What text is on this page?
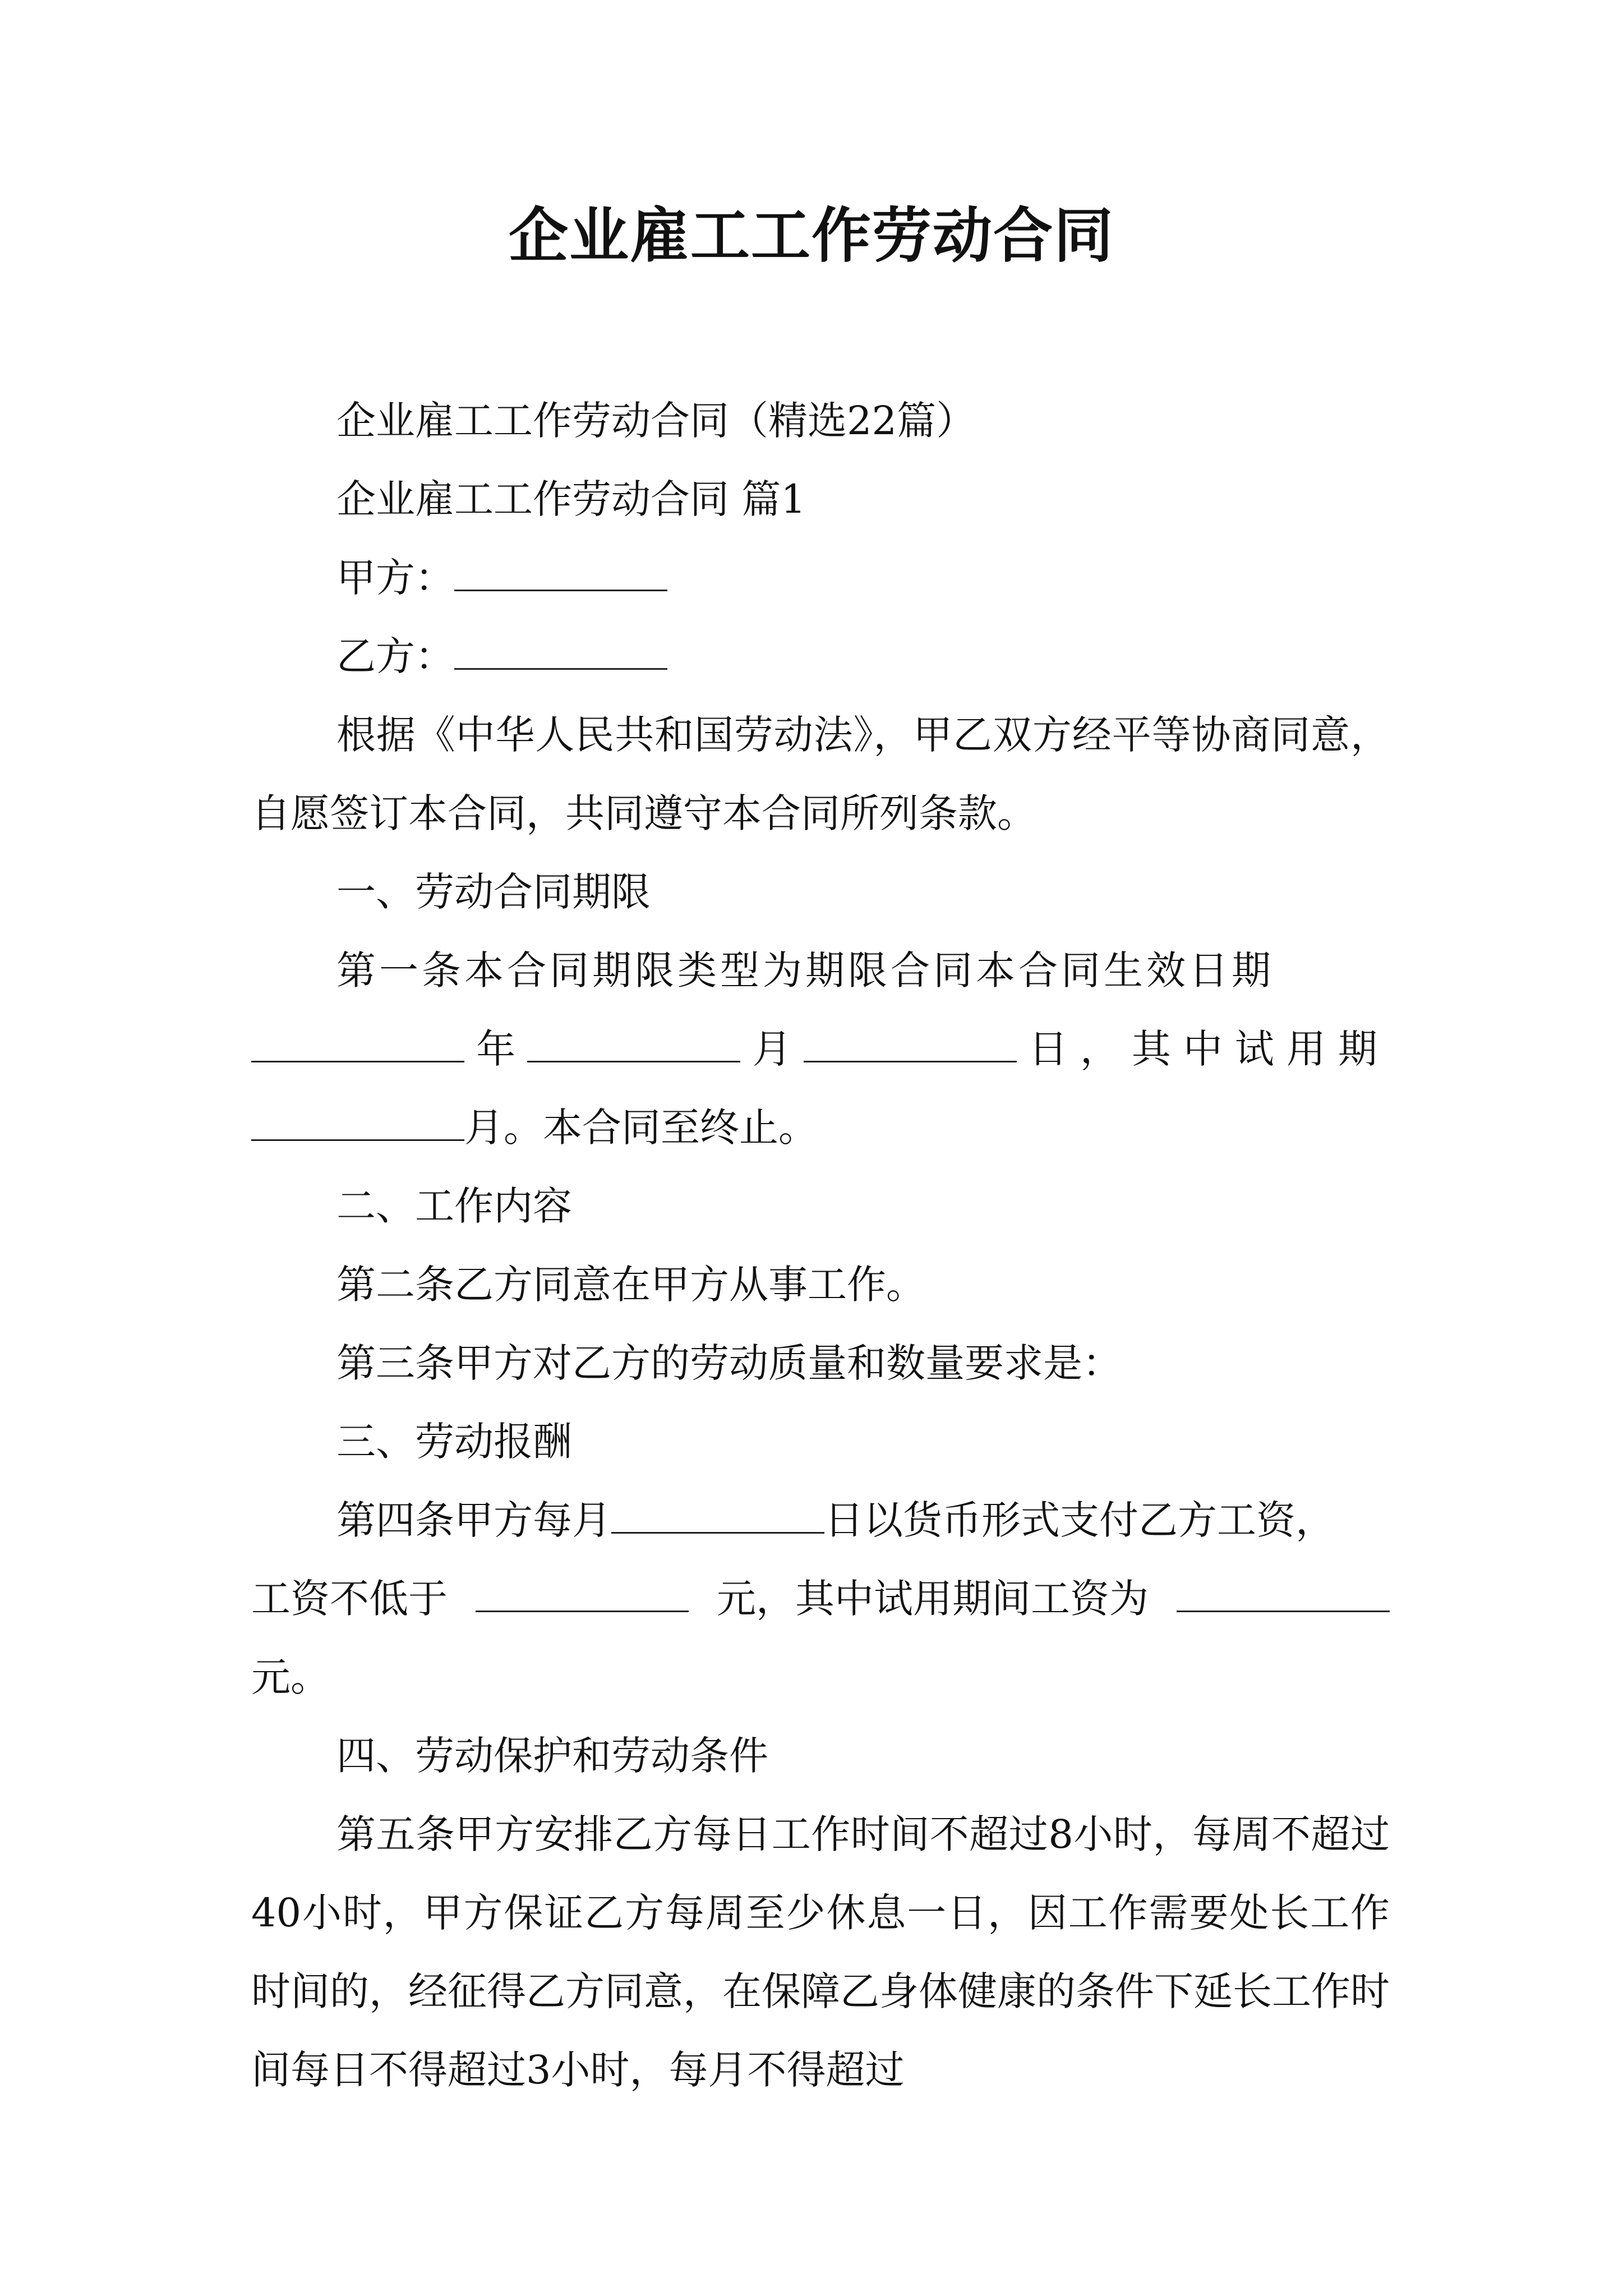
企业雇工工作劳动合同

企业雇工工作劳动合同（精选22篇）

企业雇工工作劳动合同 篇1

甲方：

乙方：

根据《中华人民共和国劳动法》，甲乙双方经平等协商同意，自愿签订本合同，共同遵守本合同所列条款。

一、劳动合同期限

第一条本合同期限类型为期限合同本合同生效日期

年	月	日，其中试用期

月。本合同至终止。

二、工作内容

第二条乙方同意在甲方从事工作。

第三条甲方对乙方的劳动质量和数量要求是：

三、劳动报酬

第四条甲方每月	日以货币形式支付乙方工资，

工资不低于	元，其中试用期间工资为

元。

四、劳动保护和劳动条件

第五条甲方安排乙方每日工作时间不超过8小时，每周不超过40小时，甲方保证乙方每周至少休息一日，因工作需要处长工作时间的，经征得乙方同意，在保障乙身体健康的条件下延长工作时间每日不得超过3小时，每月不得超过
